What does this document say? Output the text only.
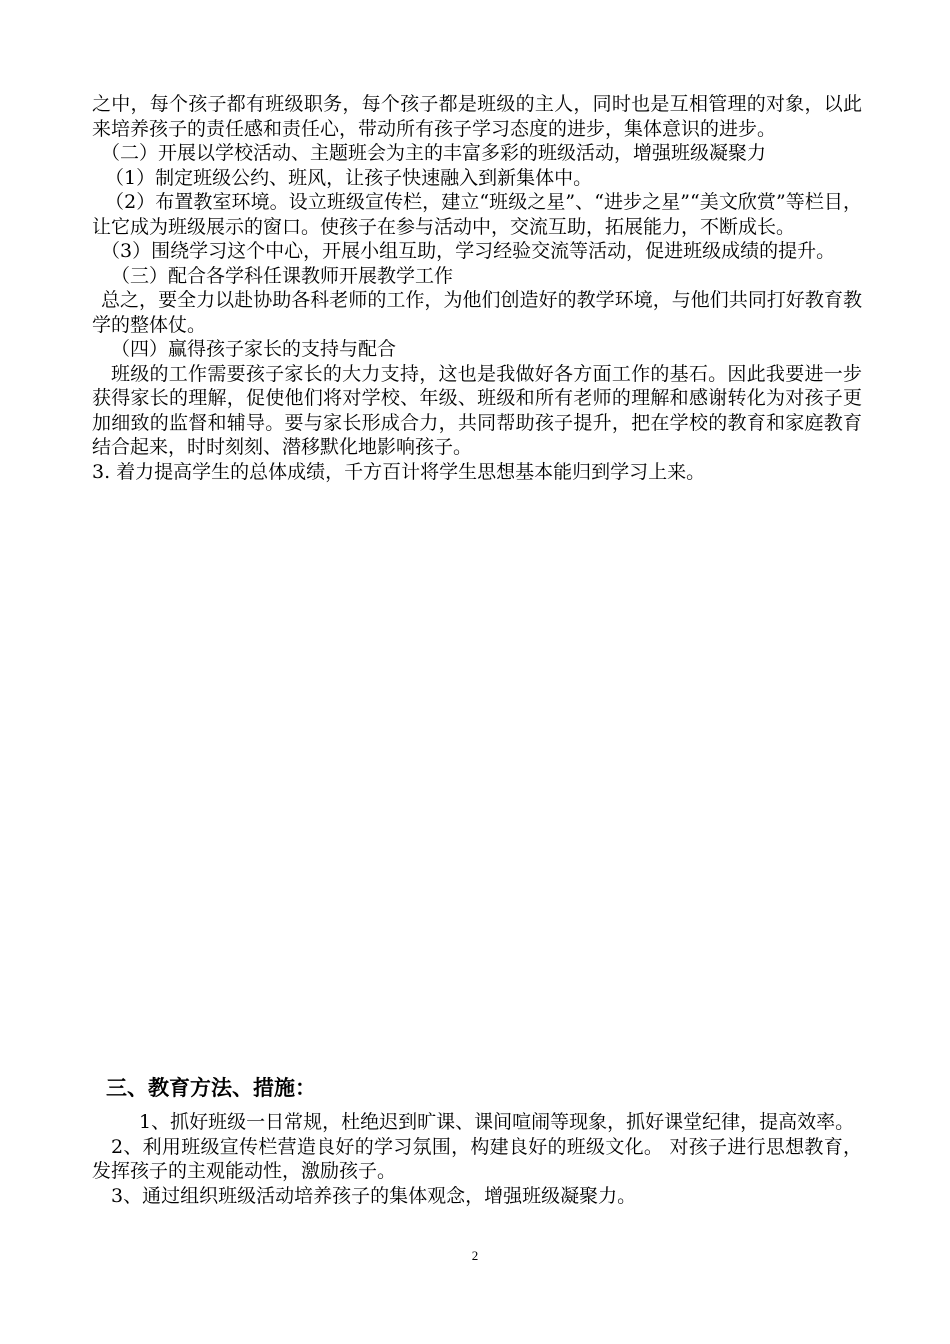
之中，每个孩子都有班级职务，每个孩子都是班级的主人，同时也是互相管理的对象，以此来培养孩子的责任感和责任心，带动所有孩子学习态度的进步，集体意识的进步。

（二）开展以学校活动、主题班会为主的丰富多彩的班级活动，增强班级凝聚力

（1）制定班级公约、班风，让孩子快速融入到新集体中。

（2）布置教室环境。设立班级宣传栏，建立“班级之星”、“进步之星”“美文欣赏”等栏目，让它成为班级展示的窗口。使孩子在参与活动中，交流互助，拓展能力，不断成长。

（3）围绕学习这个中心，开展小组互助，学习经验交流等活动，促进班级成绩的提升。

（三）配合各学科任课教师开展教学工作

总之，要全力以赴协助各科老师的工作，为他们创造好的教学环境，与他们共同打好教育教学的整体仗。

（四）赢得孩子家长的支持与配合

班级的工作需要孩子家长的大力支持，这也是我做好各方面工作的基石。因此我要进一步获得家长的理解，促使他们将对学校、年级、班级和所有老师的理解和感谢转化为对孩子更加细致的监督和辅导。要与家长形成合力，共同帮助孩子提升，把在学校的教育和家庭教育结合起来，时时刻刻、潜移默化地影响孩子。

3. 着力提高学生的总体成绩，千方百计将学生思想基本能归到学习上来。

三、教育方法、措施：

1、抓好班级一日常规，杜绝迟到旷课、课间喧闹等现象，抓好课堂纪律，提高效率。

2、利用班级宣传栏营造良好的学习氛围，构建良好的班级文化。 对孩子进行思想教育，发挥孩子的主观能动性，激励孩子。

3、通过组织班级活动培养孩子的集体观念，增强班级凝聚力。

2
